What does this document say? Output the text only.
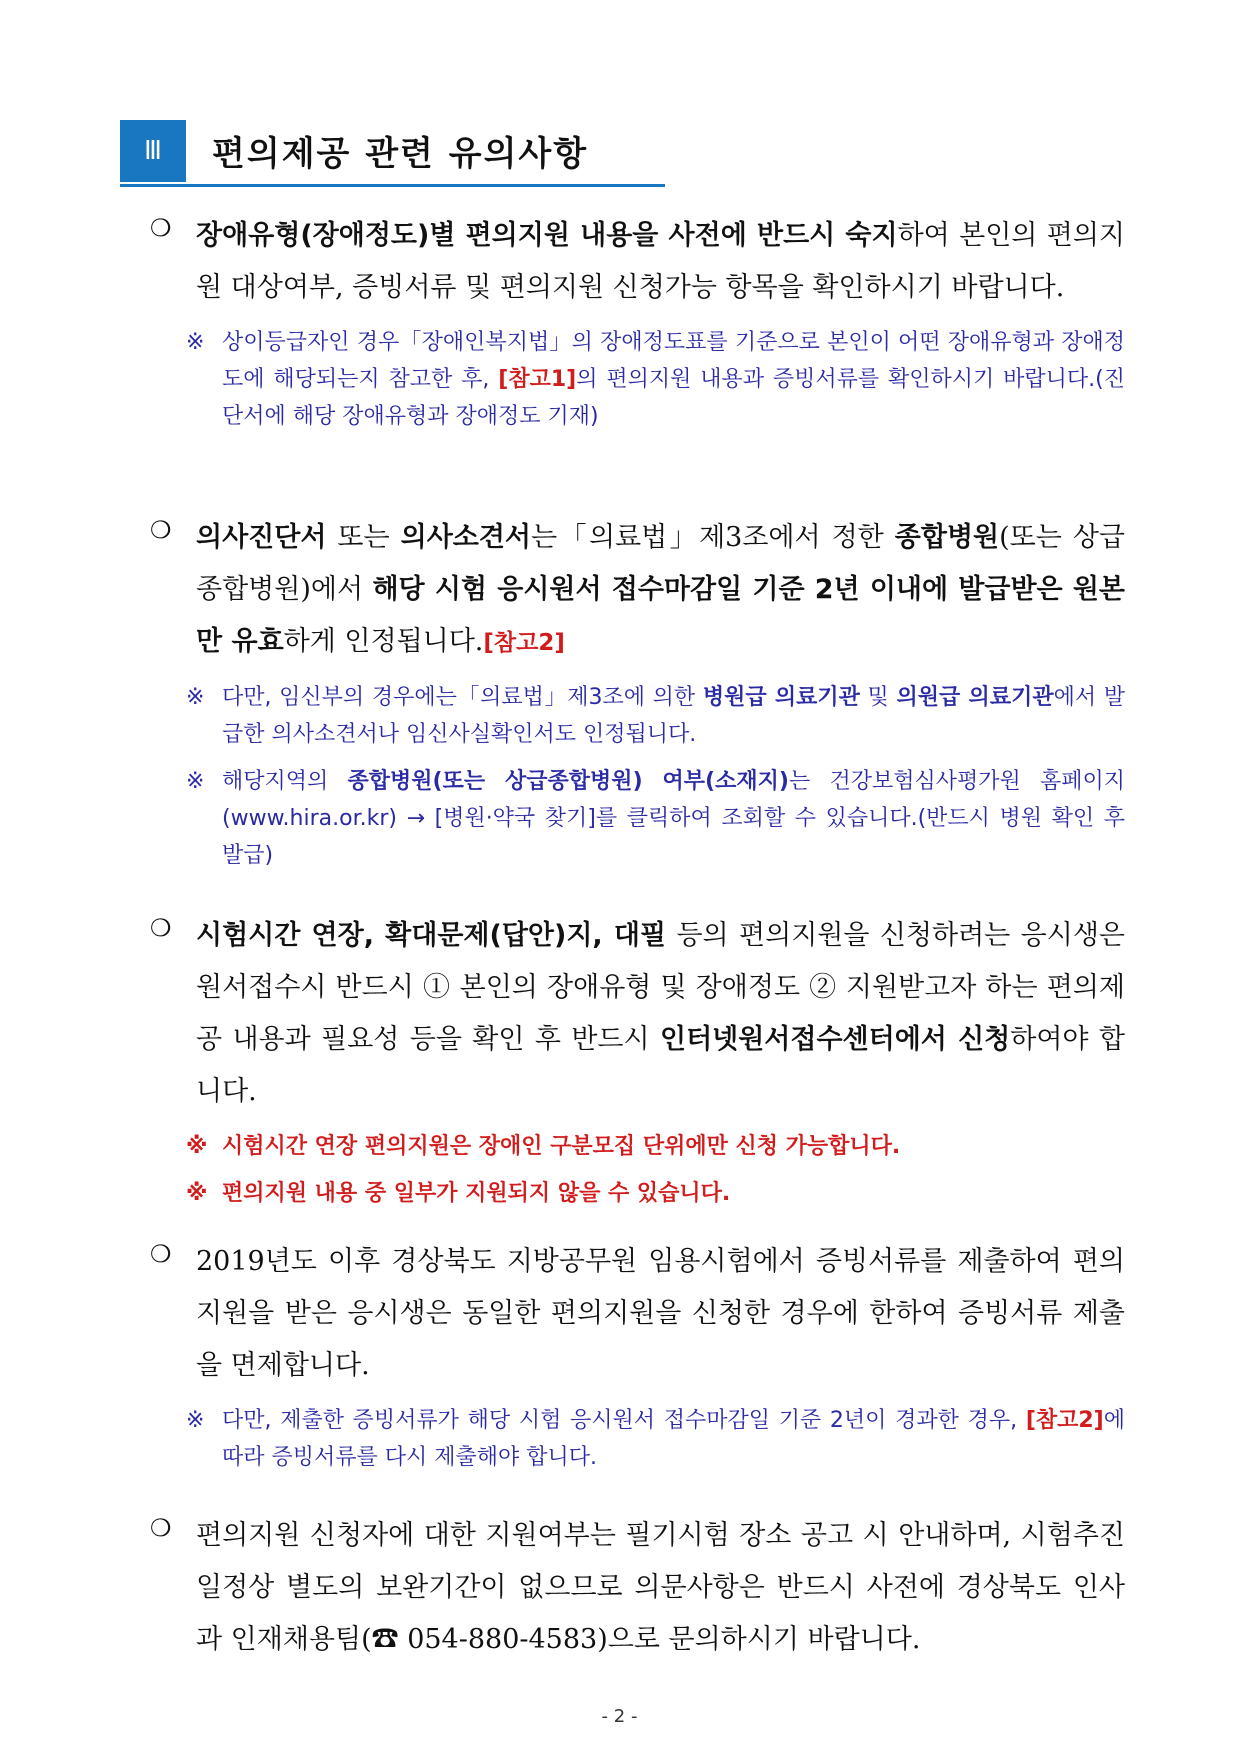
Ⅲ	편의제공 관련 유의사항
❍ 장애유형(장애정도)별 편의지원 내용을 사전에 반드시 숙지하여 본인의 편의지원 대상여부, 증빙서류 및 편의지원 신청가능 항목을 확인하시기 바랍니다.
※ 상이등급자인 경우「장애인복지법」의 장애정도표를 기준으로 본인이 어떤 장애유형과 장애정도에 해당되는지 참고한 후, [참고1]의 편의지원 내용과 증빙서류를 확인하시기 바랍니다.(진단서에 해당 장애유형과 장애정도 기재)
❍ 의사진단서 또는 의사소견서는「의료법」제3조에서 정한 종합병원(또는 상급종합병원)에서 해당 시험 응시원서 접수마감일 기준 2년 이내에 발급받은 원본만 유효하게 인정됩니다.[참고2]
※ 다만, 임신부의 경우에는「의료법」제3조에 의한 병원급 의료기관 및 의원급 의료기관에서 발급한 의사소견서나 임신사실확인서도 인정됩니다.
※ 해당지역의 종합병원(또는 상급종합병원) 여부(소재지)는 건강보험심사평가원 홈페이지(www.hira.or.kr) → [병원·약국 찾기]를 클릭하여 조회할 수 있습니다.(반드시 병원 확인 후 발급)
❍ 시험시간 연장, 확대문제(답안)지, 대필 등의 편의지원을 신청하려는 응시생은 원서접수시 반드시 ① 본인의 장애유형 및 장애정도 ② 지원받고자 하는 편의제공 내용과 필요성 등을 확인 후 반드시 인터넷원서접수센터에서 신청하여야 합니다.
※ 시험시간 연장 편의지원은 장애인 구분모집 단위에만 신청 가능합니다.
※ 편의지원 내용 중 일부가 지원되지 않을 수 있습니다.
❍ 2019년도 이후 경상북도 지방공무원 임용시험에서 증빙서류를 제출하여 편의지원을 받은 응시생은 동일한 편의지원을 신청한 경우에 한하여 증빙서류 제출을 면제합니다.
※ 다만, 제출한 증빙서류가 해당 시험 응시원서 접수마감일 기준 2년이 경과한 경우, [참고2]에 따라 증빙서류를 다시 제출해야 합니다.
❍ 편의지원 신청자에 대한 지원여부는 필기시험 장소 공고 시 안내하며, 시험추진 일정상 별도의 보완기간이 없으므로 의문사항은 반드시 사전에 경상북도 인사과 인재채용팀(☎ 054-880-4583)으로 문의하시기 바랍니다.
- 2 -
